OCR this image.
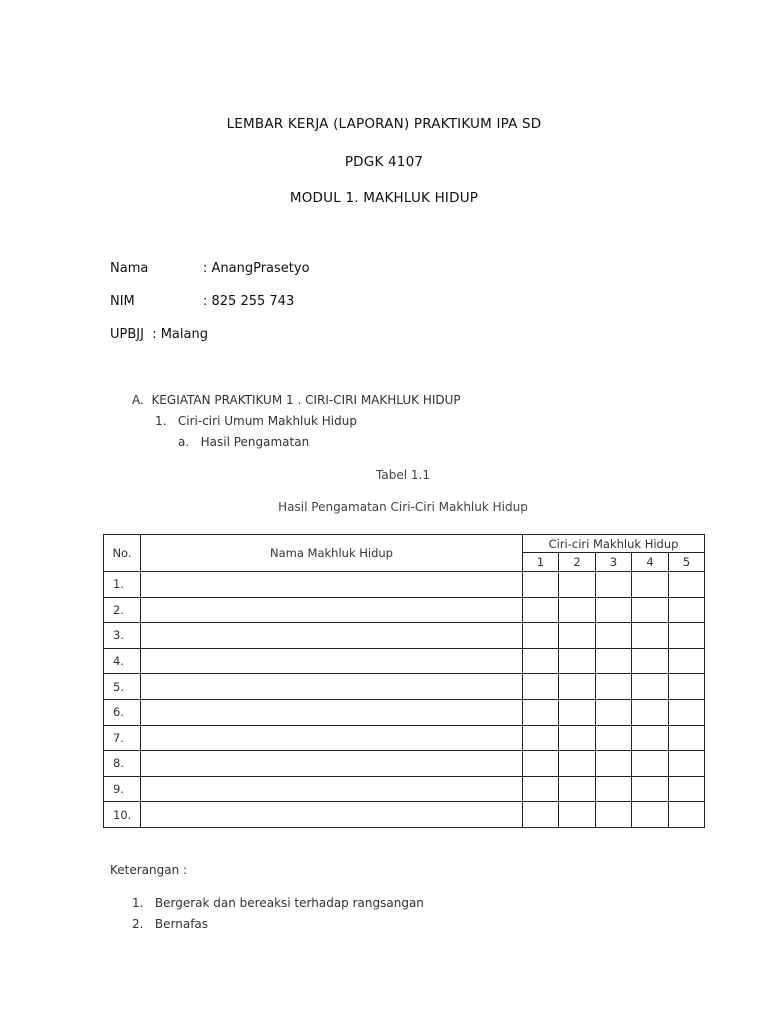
LEMBAR KERJA (LAPORAN) PRAKTIKUM IPA SD
PDGK 4107
MODUL 1. MAKHLUK HIDUP
Nama	: AnangPrasetyo
NIM	: 825 255 743
UPBJJ  : Malang
A.  KEGIATAN PRAKTIKUM 1 . CIRI-CIRI MAKHLUK HIDUP
1.   Ciri-ciri Umum Makhluk Hidup
a.   Hasil Pengamatan
Tabel 1.1
Hasil Pengamatan Ciri-Ciri Makhluk Hidup
No.	Nama Makhluk Hidup	Ciri-ciri Makhluk Hidup				
		1	2	3	4	5
1.						
2.						
3.						
4.						
5.						
6.						
7.						
8.						
9.						
10.						
Keterangan :
1.   Bergerak dan bereaksi terhadap rangsangan
2.   Bernafas
